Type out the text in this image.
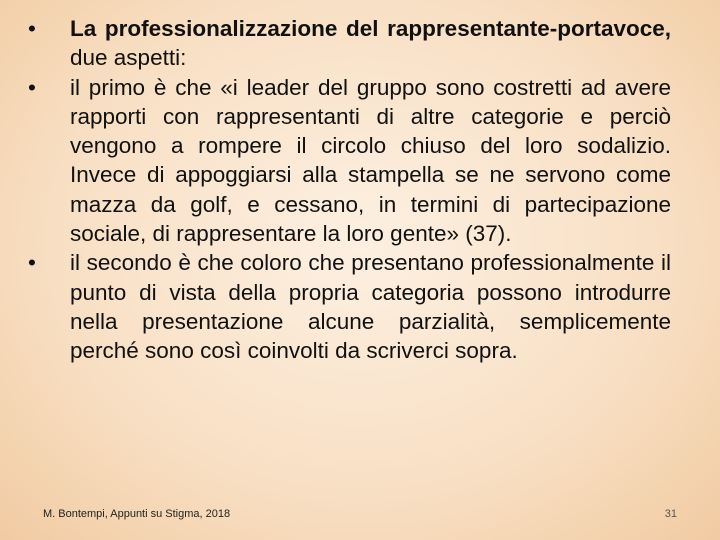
•	La professionalizzazione del rappresentante-portavoce, due aspetti:
•	il primo è che «i leader del gruppo sono costretti ad avere rapporti con rappresentanti di altre categorie e perciò vengono a rompere il circolo chiuso del loro sodalizio. Invece di appoggiarsi alla stampella se ne servono come mazza da golf, e cessano, in termini di partecipazione sociale, di rappresentare la loro gente» (37).
•	il secondo è che coloro che presentano professionalmente il punto di vista della propria categoria possono introdurre nella presentazione alcune parzialità, semplicemente perché sono così coinvolti da scriverci sopra.
M. Bontempi, Appunti su Stigma, 2018	31
